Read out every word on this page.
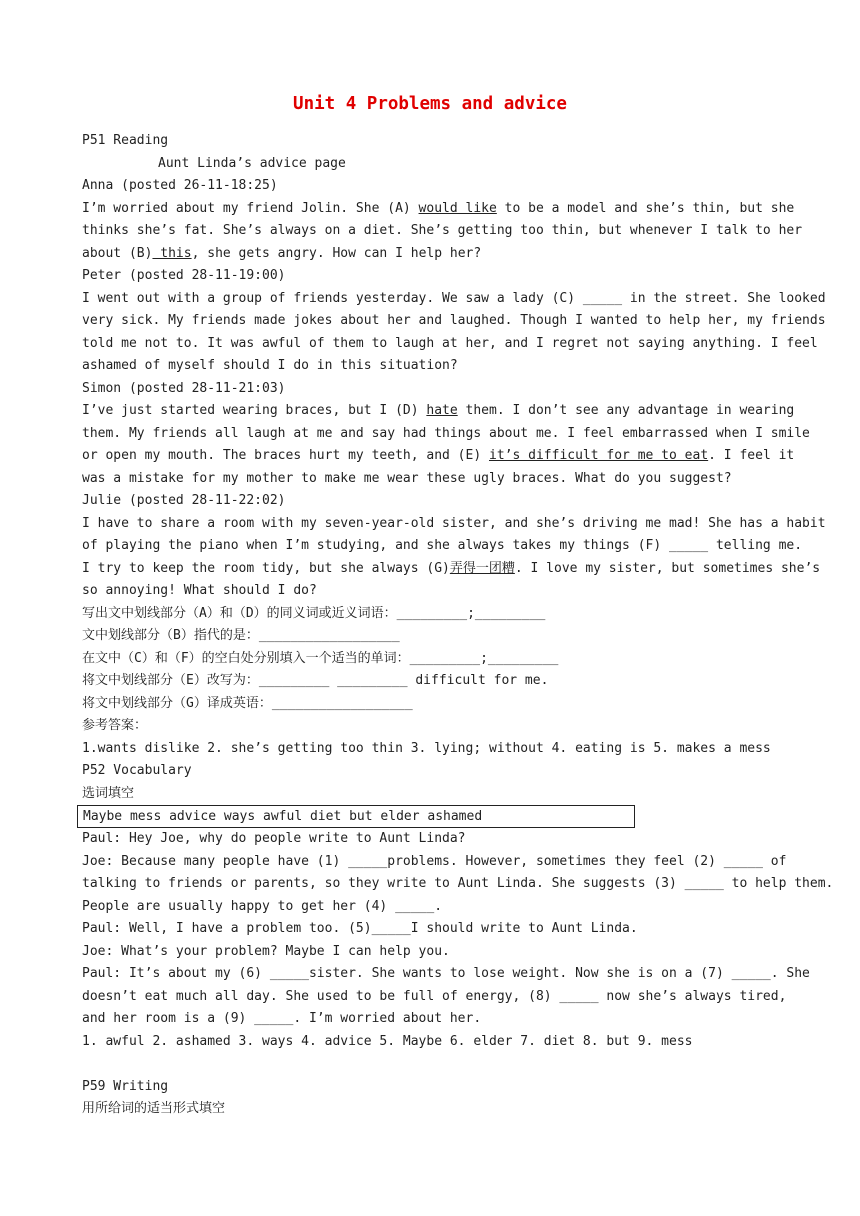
Unit 4 Problems and advice
P51 Reading
Aunt Linda’s advice page
Anna (posted 26-11-18:25)
I’m worried about my friend Jolin. She (A) would like to be a model and she’s thin, but she
thinks she’s fat. She’s always on a diet. She’s getting too thin, but whenever I talk to her
about (B) this, she gets angry. How can I help her?
Peter (posted 28-11-19:00)
I went out with a group of friends yesterday. We saw a lady (C) _____ in the street. She looked
very sick. My friends made jokes about her and laughed. Though I wanted to help her, my friends
told me not to. It was awful of them to laugh at her, and I regret not saying anything. I feel
ashamed of myself should I do in this situation?
Simon (posted 28-11-21:03)
I’ve just started wearing braces, but I (D) hate them. I don’t see any advantage in wearing
them. My friends all laugh at me and say had things about me. I feel embarrassed when I smile
or open my mouth. The braces hurt my teeth, and (E) it’s difficult for me to eat. I feel it
was a mistake for my mother to make me wear these ugly braces. What do you suggest?
Julie (posted 28-11-22:02)
I have to share a room with my seven-year-old sister, and she’s driving me mad! She has a habit
of playing the piano when I’m studying, and she always takes my things (F) _____ telling me.
I try to keep the room tidy, but she always (G)弄得一团糟. I love my sister, but sometimes she’s
so annoying! What should I do?
写出文中划线部分（A）和（D）的同义词或近义词语：_________;_________
文中划线部分（B）指代的是：__________________
在文中（C）和（F）的空白处分别填入一个适当的单词：_________;_________
将文中划线部分（E）改写为：_________ _________ difficult for me.
将文中划线部分（G）译成英语：__________________
参考答案：
1.wants dislike 2. she’s getting too thin 3. lying; without 4. eating is 5. makes a mess
P52 Vocabulary
选词填空
Maybe mess advice ways awful diet but elder ashamed
Paul: Hey Joe, why do people write to Aunt Linda?
Joe: Because many people have (1) _____problems. However, sometimes they feel (2) _____ of
talking to friends or parents, so they write to Aunt Linda. She suggests (3) _____ to help them.
People are usually happy to get her (4) _____.
Paul: Well, I have a problem too. (5)_____I should write to Aunt Linda.
Joe: What’s your problem? Maybe I can help you.
Paul: It’s about my (6) _____sister. She wants to lose weight. Now she is on a (7) _____. She
doesn’t eat much all day. She used to be full of energy, (8) _____ now she’s always tired,
and her room is a (9) _____. I’m worried about her.
1. awful 2. ashamed 3. ways 4. advice 5. Maybe 6. elder 7. diet 8. but 9. mess
P59 Writing
用所给词的适当形式填空
